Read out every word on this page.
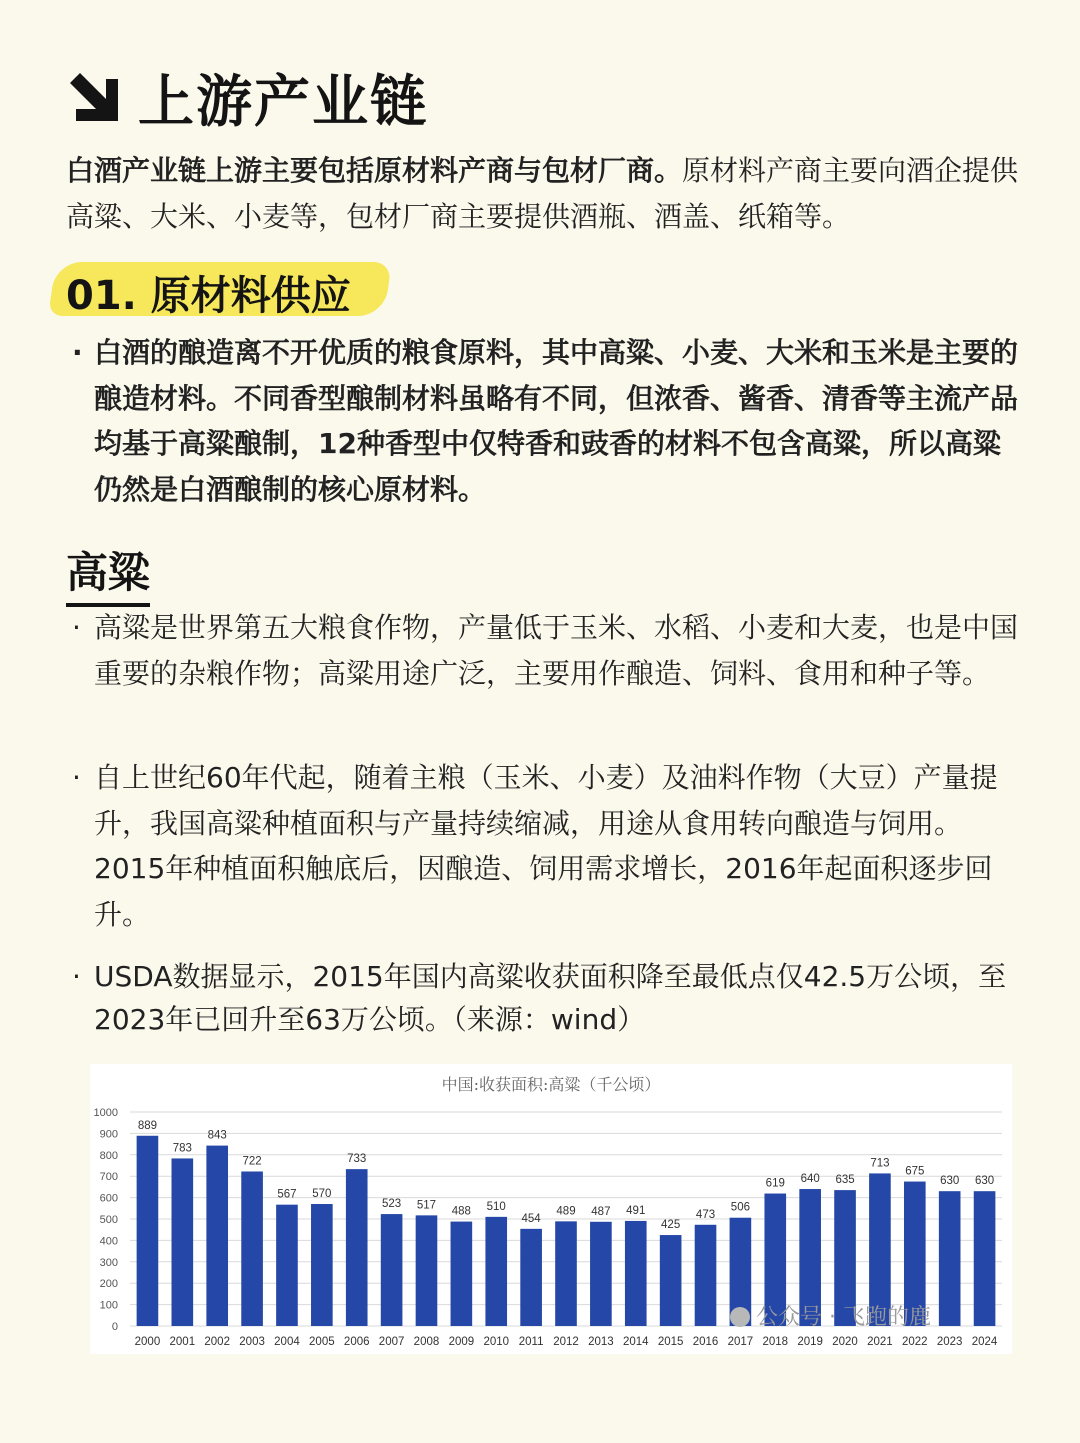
上游产业链
白酒产业链上游主要包括原材料产商与包材厂商。原材料产商主要向酒企提供高粱、大米、小麦等，包材厂商主要提供酒瓶、酒盖、纸箱等。
01. 原材料供应
· 白酒的酿造离不开优质的粮食原料，其中高粱、小麦、大米和玉米是主要的酿造材料。不同香型酿制材料虽略有不同，但浓香、酱香、清香等主流产品均基于高粱酿制，12种香型中仅特香和豉香的材料不包含高粱，所以高粱仍然是白酒酿制的核心原材料。
高粱
· 高粱是世界第五大粮食作物，产量低于玉米、水稻、小麦和大麦，也是中国重要的杂粮作物；高粱用途广泛，主要用作酿造、饲料、食用和种子等。
· 自上世纪60年代起，随着主粮（玉米、小麦）及油料作物（大豆）产量提升，我国高粱种植面积与产量持续缩减，用途从食用转向酿造与饲用。2015年种植面积触底后，因酿造、饲用需求增长，2016年起面积逐步回升。
· USDA数据显示，2015年国内高粱收获面积降至最低点仅42.5万公顷，至2023年已回升至63万公顷。（来源：wind）
中国:收获面积:高粱（千公顷）
0
100
200
300
400
500
600
700
800
900
1000
889
2000
783
2001
843
2002
722
2003
567
2004
570
2005
733
2006
523
2007
517
2008
488
2009
510
2010
454
2011
489
2012
487
2013
491
2014
425
2015
473
2016
506
2017
619
2018
640
2019
635
2020
713
2021
675
2022
630
2023
630
2024
公众号 · 飞跑的鹿
